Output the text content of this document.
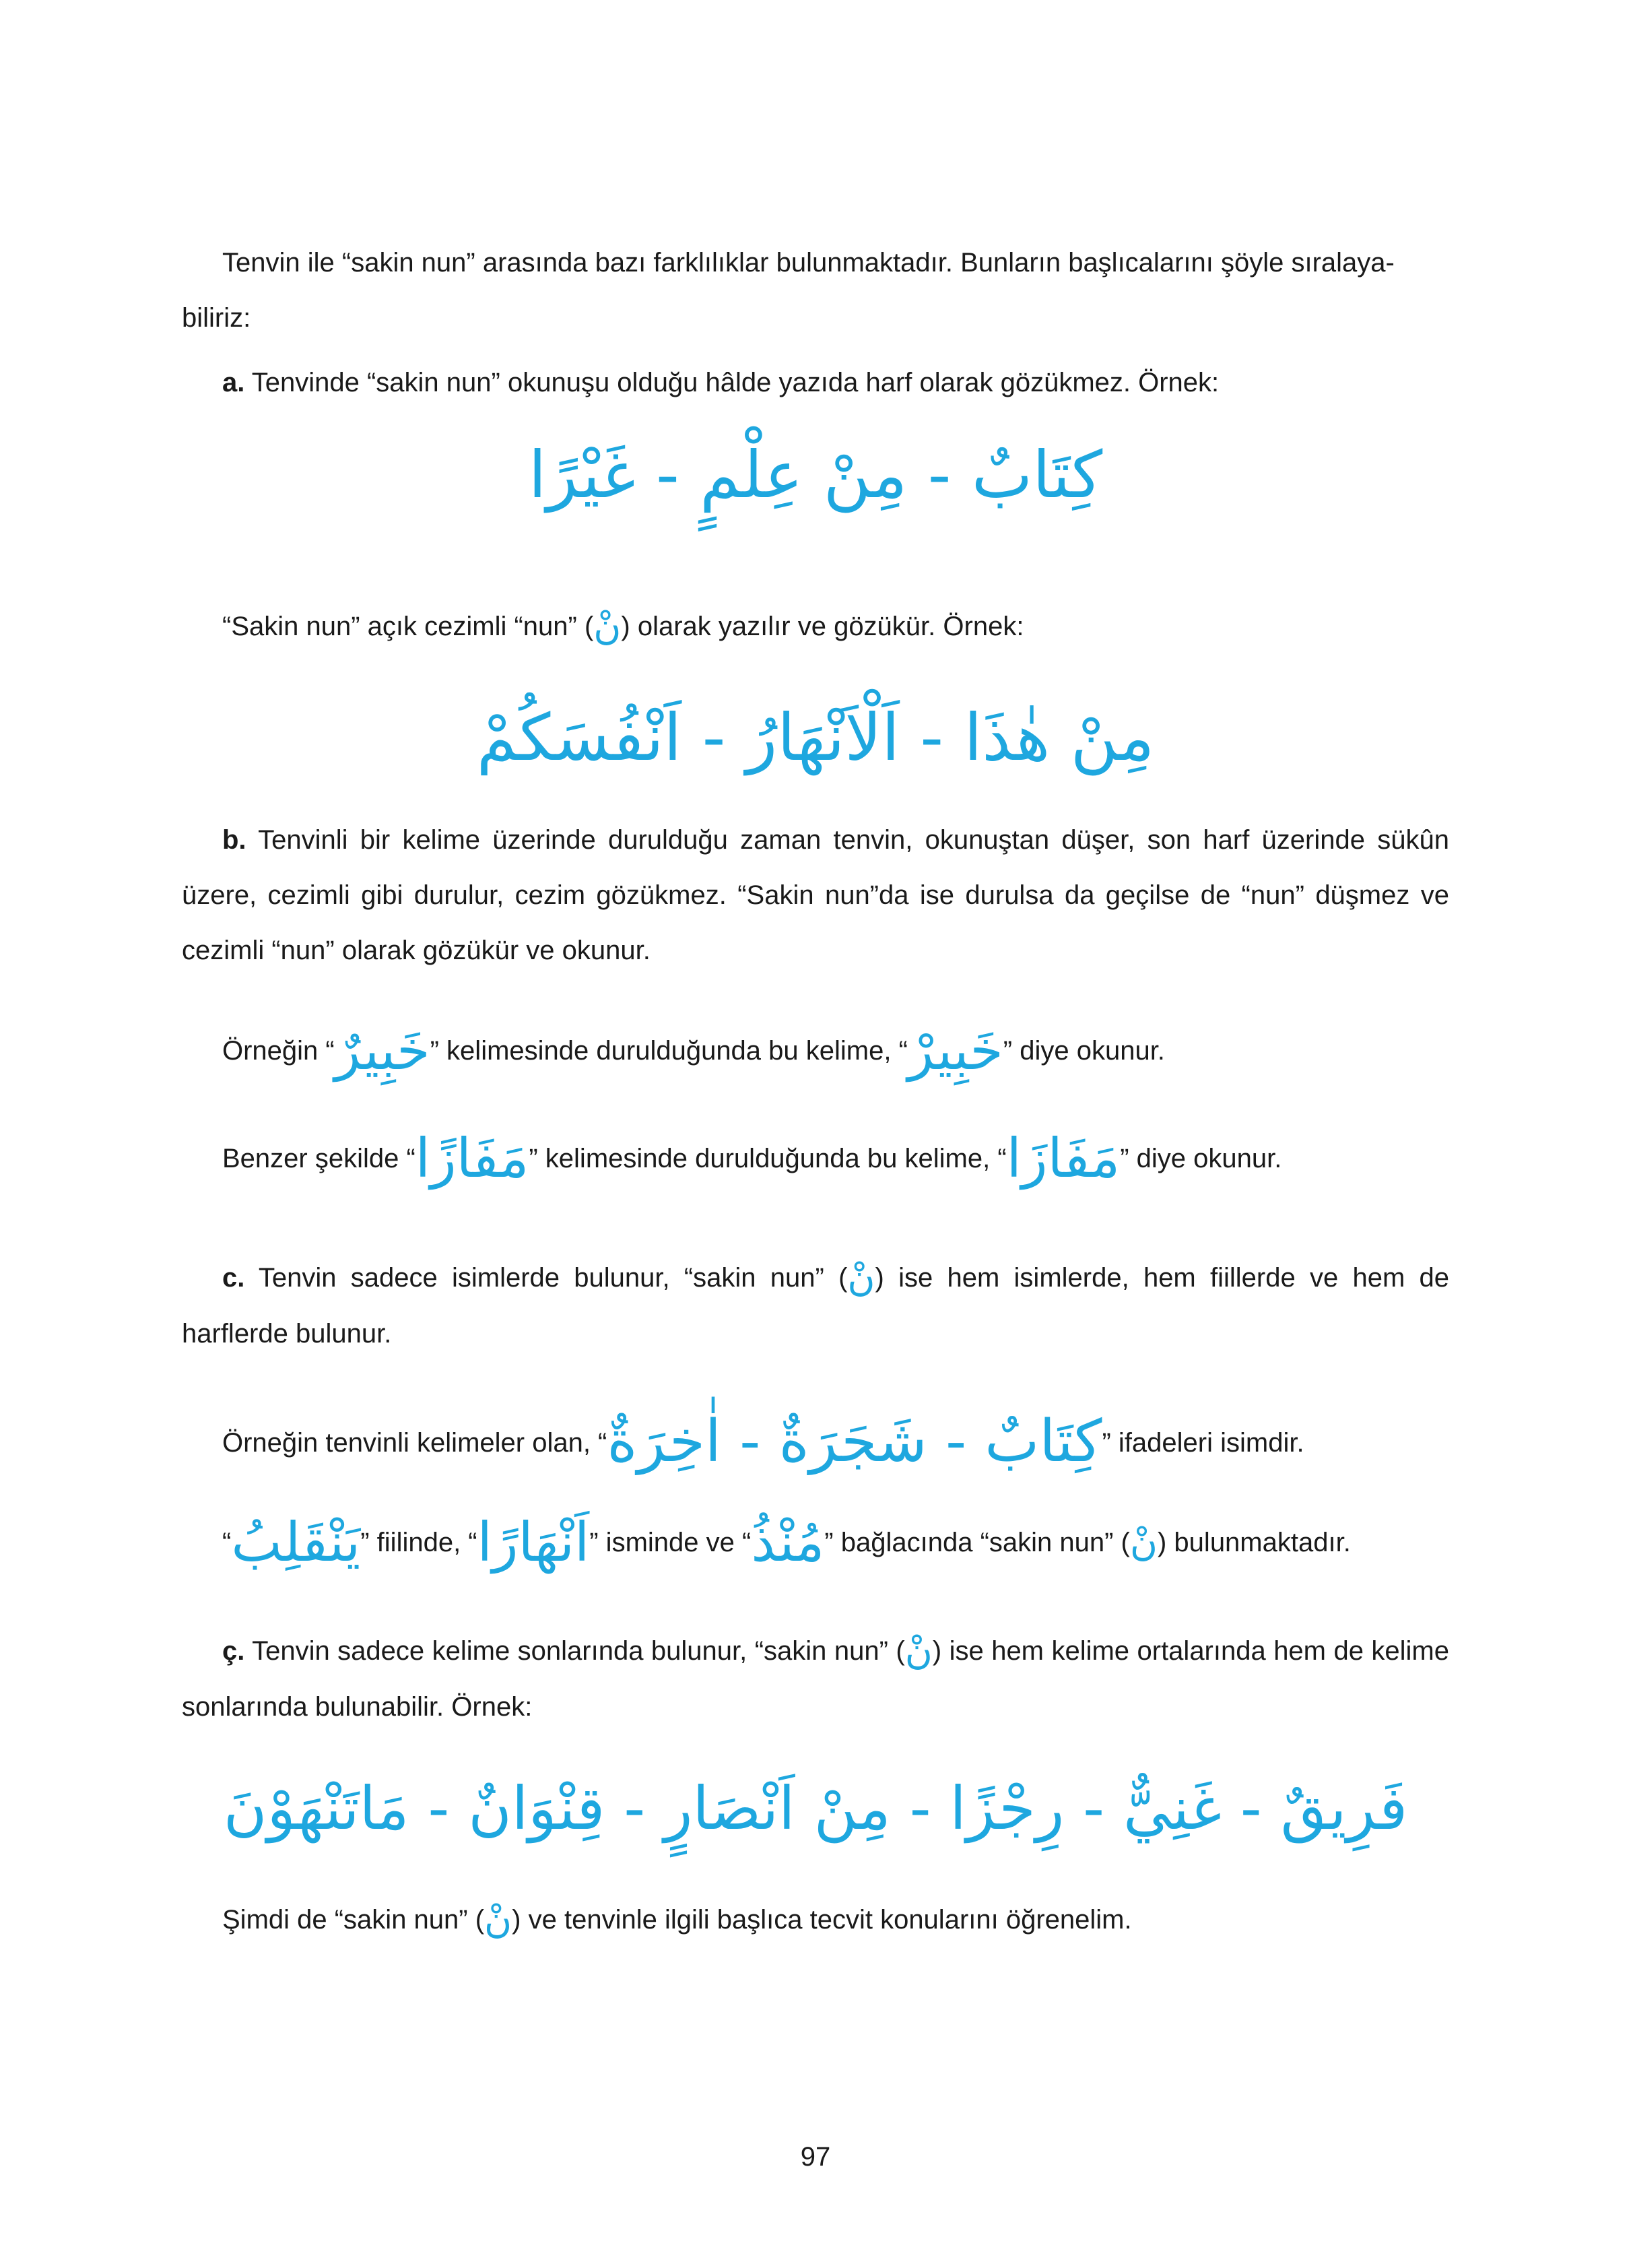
Tenvin ile “sakin nun” arasında bazı farklılıklar bulunmaktadır. Bunların başlıcalarını şöyle sıralaya-
biliriz:
a. Tenvinde “sakin nun” okunuşu olduğu hâlde yazıda harf olarak gözükmez. Örnek:
كِتَابٌ - مِنْ عِلْمٍ - غَيْرًا
“Sakin nun” açık cezimli “nun” (نْ) olarak yazılır ve gözükür. Örnek:
مِنْ هٰذَا - اَلْاَنْهَارُ - اَنْفُسَكُمْ

b. Tenvinli bir kelime üzerinde durulduğu zaman tenvin, okunuştan düşer, son harf üzerinde sükûn üzere, cezimli gibi durulur, cezim gözükmez. “Sakin nun”da ise durulsa da geçilse de “nun” düşmez ve cezimli “nun” olarak gözükür ve okunur.

Örneğin “خَبِيرٌ” kelimesinde durulduğunda bu kelime, “خَبِيرْ” diye okunur.
Benzer şekilde “مَفَازًا” kelimesinde durulduğunda bu kelime, “مَفَازَا” diye okunur.

c. Tenvin sadece isimlerde bulunur, “sakin nun” (نْ) ise hem isimlerde, hem fiillerde ve hem de harflerde bulunur.

Örneğin tenvinli kelimeler olan, “كِتَابٌ - شَجَرَةٌ - اٰخِرَةٌ” ifadeleri isimdir.
“يَنْقَلِبُ” fiilinde, “اَنْهَارًا” isminde ve “مُنْذُ” bağlacında “sakin nun” (نْ) bulunmaktadır.

ç. Tenvin sadece kelime sonlarında bulunur, “sakin nun” (نْ) ise hem kelime ortalarında hem de kelime sonlarında bulunabilir. Örnek:

فَرِيقٌ - غَنِيٌّ - رِجْزًا - مِنْ اَنْصَارٍ - قِنْوَانٌ - مَاتَنْهَوْنَ
Şimdi de “sakin nun” (نْ) ve tenvinle ilgili başlıca tecvit konularını öğrenelim.
97
